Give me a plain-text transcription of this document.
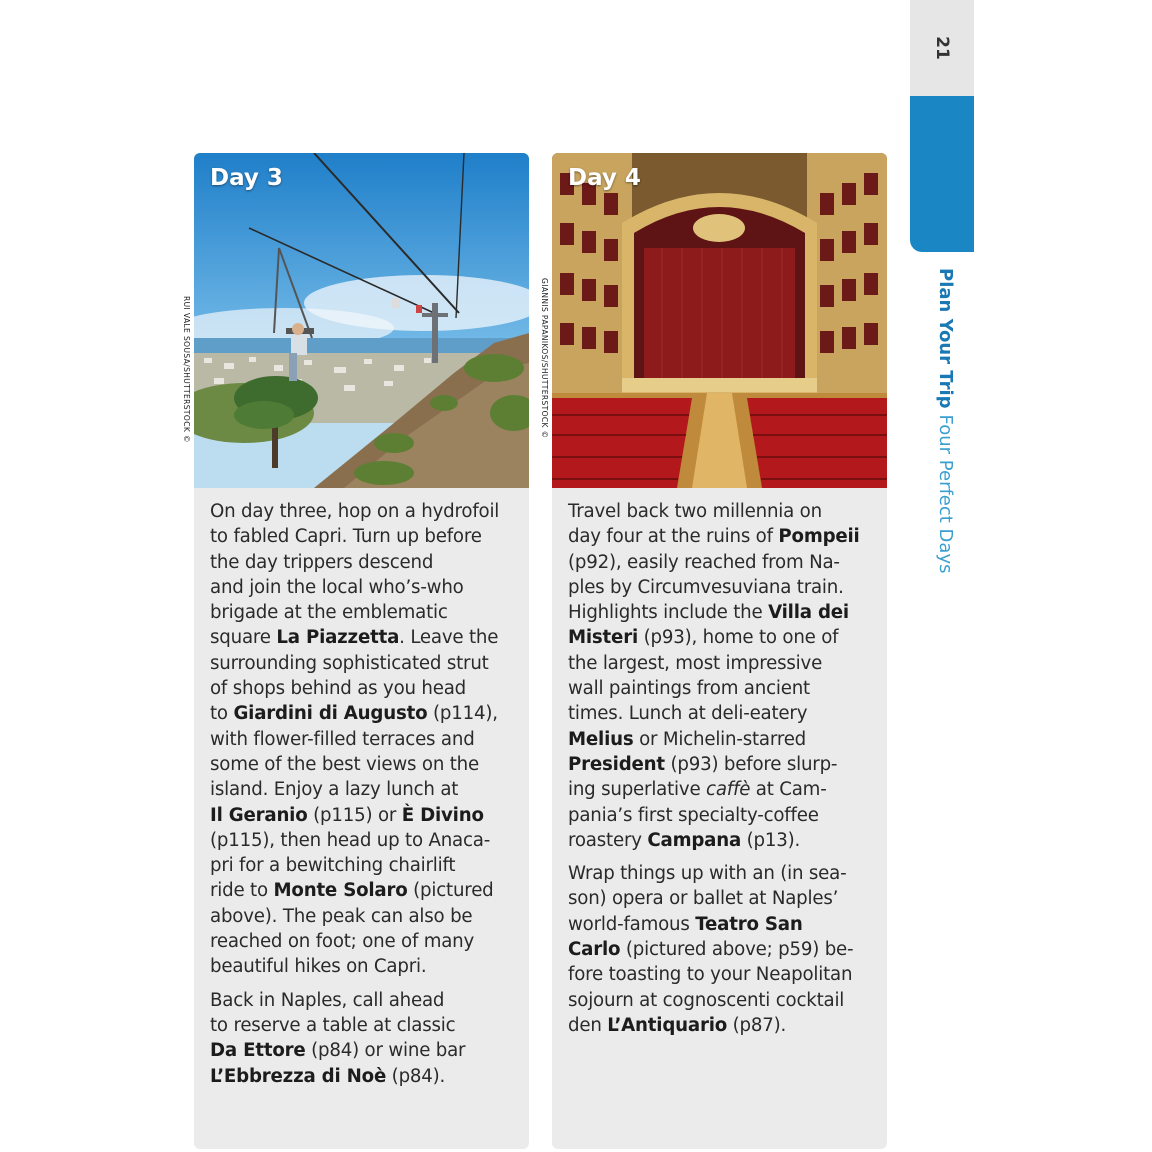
21
Plan Your TripFour Perfect Days
RUI VALE SOUSA/SHUTTERSTOCK ©	GIANNIS PAPANIKOS/SHUTTERSTOCK ©
Day 3

On day three, hop on a hydrofoil
to fabled Capri. Turn up before
the day trippers descend
and join the local who’s-who
brigade at the emblematic
square La Piazzetta. Leave the
surrounding sophisticated strut
of shops behind as you head
to Giardini di Augusto (p114),
with flower-filled terraces and
some of the best views on the
island. Enjoy a lazy lunch at
Il Geranio (p115) or È Divino
(p115), then head up to Anaca-
pri for a bewitching chairlift
ride to Monte Solaro (pictured
above). The peak can also be
reached on foot; one of many
beautiful hikes on Capri.

Back in Naples, call ahead
to reserve a table at classic
Da Ettore (p84) or wine bar
L’Ebbrezza di Noè (p84).

Day 4

Travel back two millennia on
day four at the ruins of Pompeii
(p92), easily reached from Na-
ples by Circumvesuviana train.
Highlights include the Villa dei
Misteri (p93), home to one of
the largest, most impressive
wall paintings from ancient
times. Lunch at deli-eatery
Melius or Michelin-starred
President (p93) before slurp-
ing superlative caffè at Cam-
pania’s first specialty-coffee
roastery Campana (p13).

Wrap things up with an (in sea-
son) opera or ballet at Naples’
world-famous Teatro San
Carlo (pictured above; p59) be-
fore toasting to your Neapolitan
sojourn at cognoscenti cocktail
den L’Antiquario (p87).
